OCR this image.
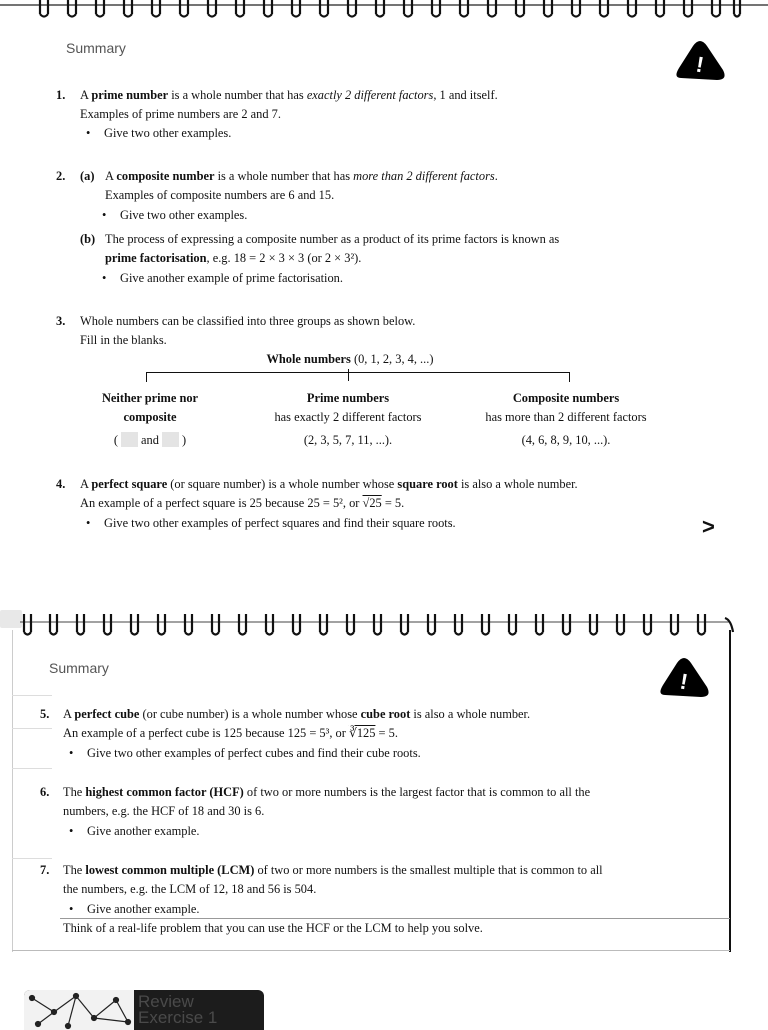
Summary
!
1. A prime number is a whole number that has exactly 2 different factors, 1 and itself.
Examples of prime numbers are 2 and 7.
• Give two other examples.
2. (a) A composite number is a whole number that has more than 2 different factors.
Examples of composite numbers are 6 and 15.
• Give two other examples.
(b) The process of expressing a composite number as a product of its prime factors is known as
prime factorisation, e.g. 18 = 2 × 3 × 3 (or 2 × 3²).
• Give another example of prime factorisation.
3. Whole numbers can be classified into three groups as shown below.
Fill in the blanks.
Whole numbers (0, 1, 2, 3, 4, ...)
Neither prime nor
composite
( and )
Prime numbers
has exactly 2 different factors
(2, 3, 5, 7, 11, ...).
Composite numbers
has more than 2 different factors
(4, 6, 8, 9, 10, ...).
4. A perfect square (or square number) is a whole number whose square root is also a whole number.
An example of a perfect square is 25 because 25 = 5², or √25 = 5.
• Give two other examples of perfect squares and find their square roots.	>
Summary
!
5. A perfect cube (or cube number) is a whole number whose cube root is also a whole number.
An example of a perfect cube is 125 because 125 = 5³, or ∛125 = 5.
• Give two other examples of perfect cubes and find their cube roots.
6. The highest common factor (HCF) of two or more numbers is the largest factor that is common to all the
numbers, e.g. the HCF of 18 and 30 is 6.
• Give another example.
7. The lowest common multiple (LCM) of two or more numbers is the smallest multiple that is common to all
the numbers, e.g. the LCM of 12, 18 and 56 is 504.
• Give another example.
Think of a real-life problem that you can use the HCF or the LCM to help you solve.
Review Exercise 1
